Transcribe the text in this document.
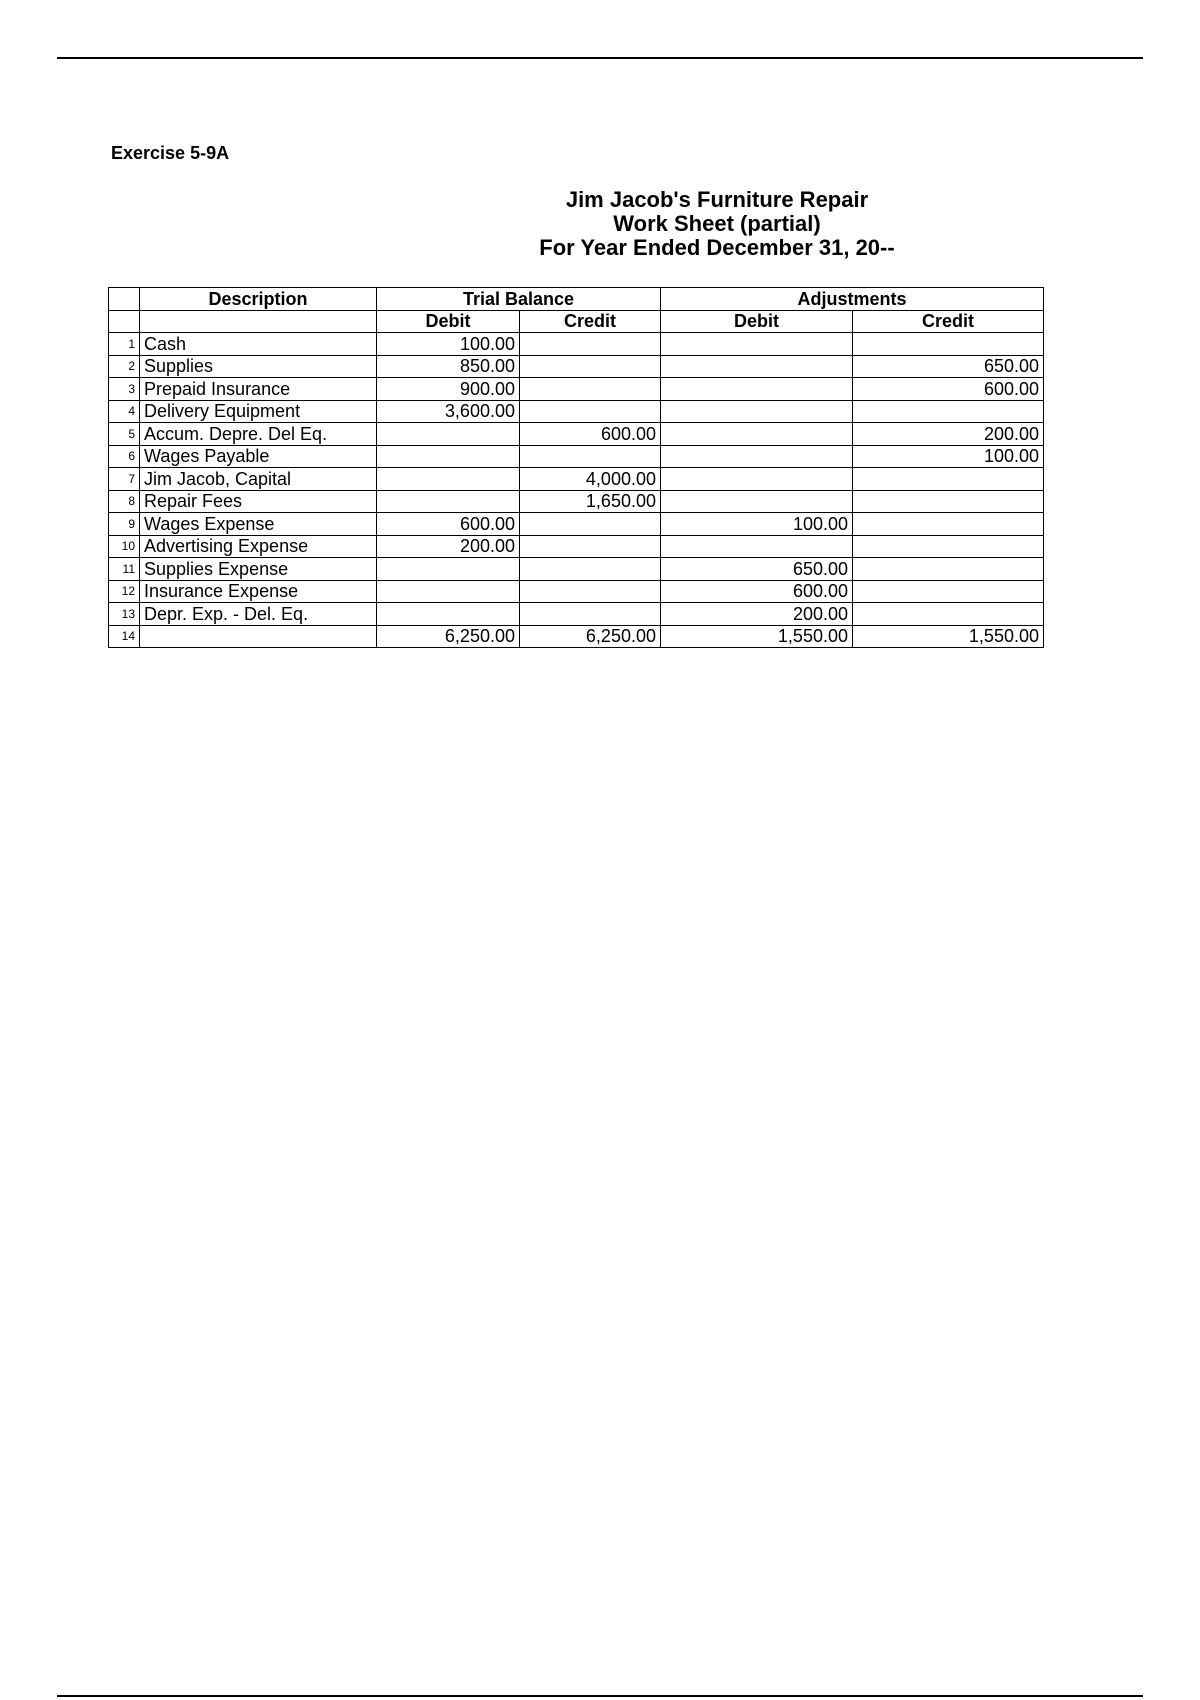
Exercise 5-9A
Jim Jacob's Furniture Repair
Work Sheet (partial)
For Year Ended December 31, 20--
	Description	Trial Balance		Adjustments	
		Debit	Credit	Debit	Credit
1	Cash	100.00			
2	Supplies	850.00			650.00
3	Prepaid Insurance	900.00			600.00
4	Delivery Equipment	3,600.00			
5	Accum. Depre. Del Eq.		600.00		200.00
6	Wages Payable				100.00
7	Jim Jacob, Capital		4,000.00		
8	Repair Fees		1,650.00		
9	Wages Expense	600.00		100.00	
10	Advertising Expense	200.00			
11	Supplies Expense			650.00	
12	Insurance Expense			600.00	
13	Depr. Exp. - Del. Eq.			200.00	
14		6,250.00	6,250.00	1,550.00	1,550.00
